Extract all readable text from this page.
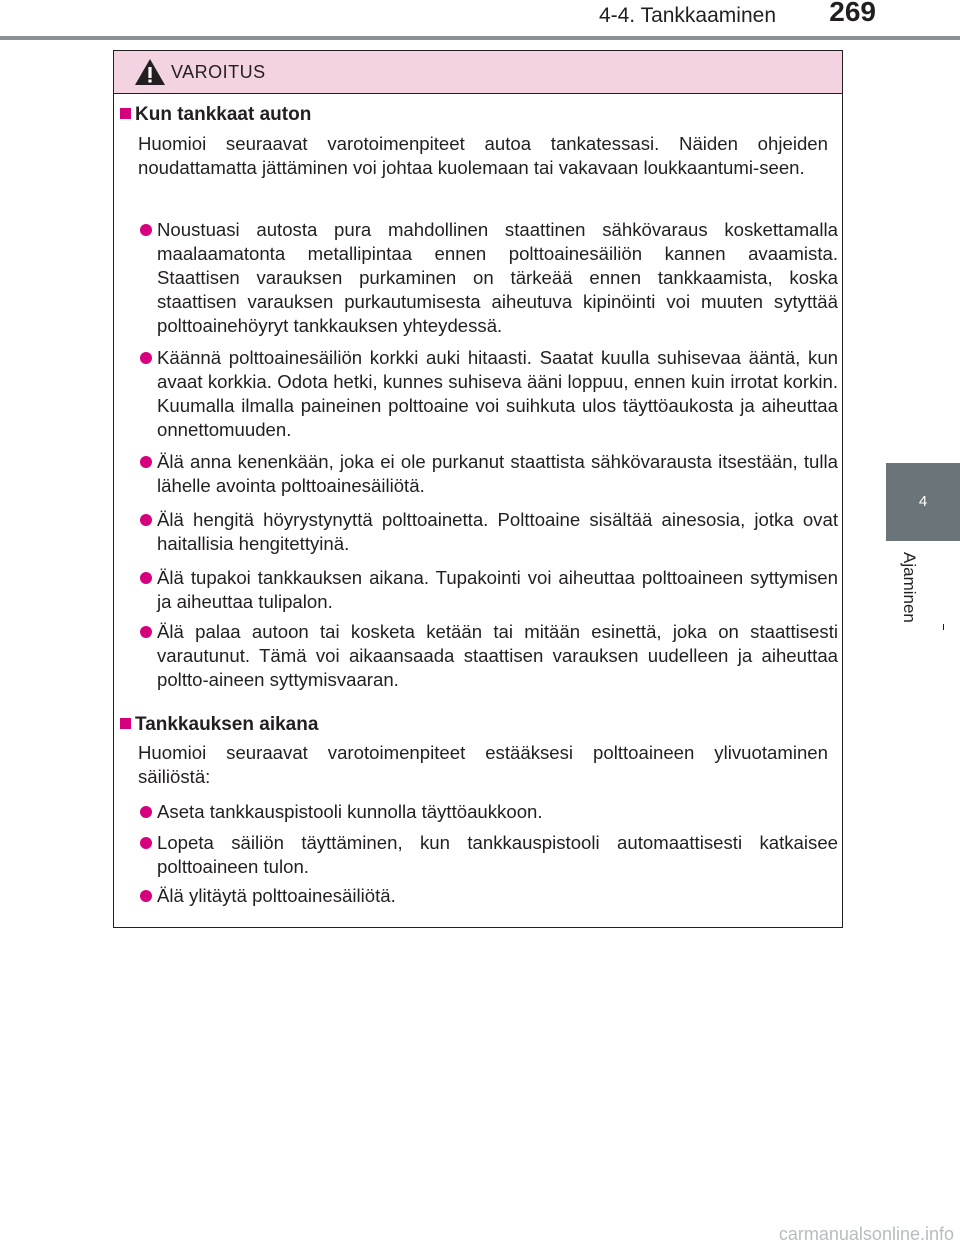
4-4. Tankkaaminen 269
4
Ajaminen
VAROITUS
Kun tankkaat auton
Huomioi seuraavat varotoimenpiteet autoa tankatessasi. Näiden ohjeiden noudattamatta jättäminen voi johtaa kuolemaan tai vakavaan loukkaantumi-seen.
Noustuasi autosta pura mahdollinen staattinen sähkövaraus koskettamalla maalaamatonta metallipintaa ennen polttoainesäiliön kannen avaamista. Staattisen varauksen purkaminen on tärkeää ennen tankkaamista, koska staattisen varauksen purkautumisesta aiheutuva kipinöinti voi muuten sytyttää polttoainehöyryt tankkauksen yhteydessä.
Käännä polttoainesäiliön korkki auki hitaasti. Saatat kuulla suhisevaa ääntä, kun avaat korkkia. Odota hetki, kunnes suhiseva ääni loppuu, ennen kuin irrotat korkin. Kuumalla ilmalla paineinen polttoaine voi suihkuta ulos täyttöaukosta ja aiheuttaa onnettomuuden.
Älä anna kenenkään, joka ei ole purkanut staattista sähkövarausta itsestään, tulla lähelle avointa polttoainesäiliötä.
Älä hengitä höyrystynyttä polttoainetta. Polttoaine sisältää ainesosia, jotka ovat haitallisia hengitettyinä.
Älä tupakoi tankkauksen aikana. Tupakointi voi aiheuttaa polttoaineen syttymisen ja aiheuttaa tulipalon.
Älä palaa autoon tai kosketa ketään tai mitään esinettä, joka on staattisesti varautunut. Tämä voi aikaansaada staattisen varauksen uudelleen ja aiheuttaa poltto-aineen syttymisvaaran.
Tankkauksen aikana
Huomioi seuraavat varotoimenpiteet estääksesi polttoaineen ylivuotaminen säiliöstä:
Aseta tankkauspistooli kunnolla täyttöaukkoon.
Lopeta säiliön täyttäminen, kun tankkauspistooli automaattisesti katkaisee polttoaineen tulon.
Älä ylitäytä polttoainesäiliötä.
carmanualsonline.info
